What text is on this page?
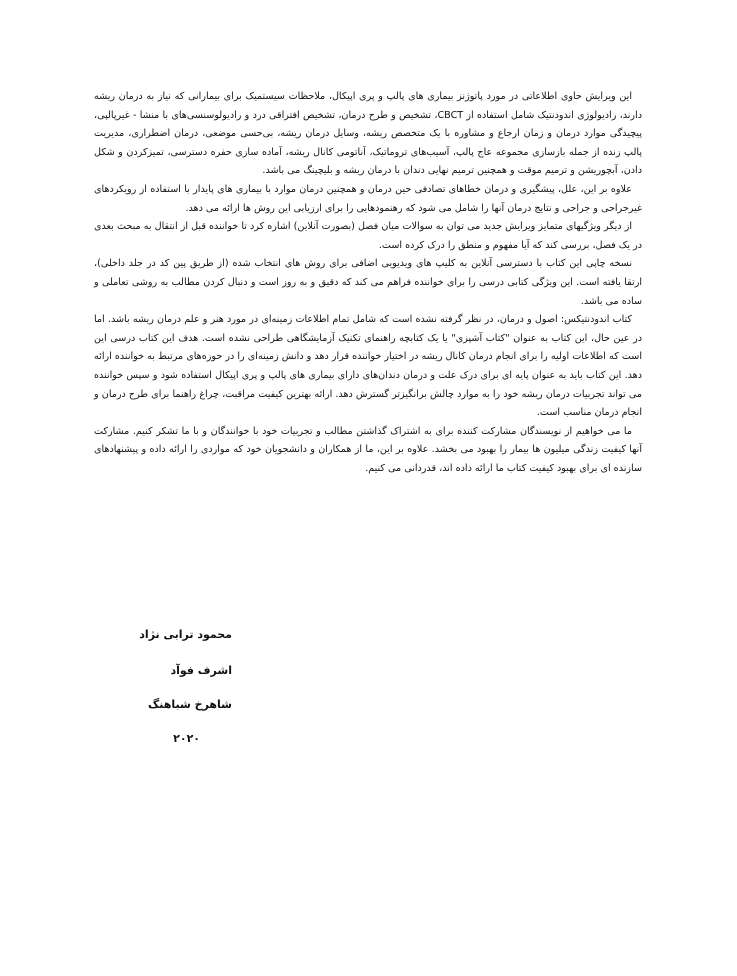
این ویرایش حاوی اطلاعاتی در مورد پاتوژنز بیماری های پالپ و پری اپیکال، ملاحظات سیستمیک برای بیمارانی که نیاز به درمان ریشه دارند، رادیولوژی اندودنتیک شامل استفاده از CBCT، تشخیص و طرح درمان، تشخیص افتراقی درد و رادیولوسنسی‌های با منشا - غیرپالپی، پیچیدگی موارد درمان و زمان ارجاع و مشاوره با یک متخصص ریشه، وسایل درمان ریشه، بی‌حسی موضعی، درمان اضطراری، مدیریت پالپ زنده از جمله بازسازی مجموعه عاج پالپ، آسیب‌های تروماتیک، آناتومی کانال ریشه، آماده سازی حفره دسترسی، تمیزکردن و شکل دادن، آبچوریشن و ترمیم موقت و همچنین ترمیم نهایی دندان با درمان ریشه و بلیچینگ می باشد.

علاوه بر این، علل، پیشگیری و درمان خطاهای تصادفی حین درمان و همچنین درمان موارد با بیماری های پایدار با استفاده از رویکردهای غیرجراحی و جراحی و نتایج درمان آنها را شامل می شود که رهنمودهایی را برای ارزیابی این روش ها ارائه می دهد.

از دیگر ویژگیهای متمایز ویرایش جدید می توان به سوالات میان فصل (بصورت آنلاین) اشاره کرد تا خواننده قبل از انتقال به مبحث بعدی در یک فصل، بررسی کند که آیا مفهوم و منطق را درک کرده است.

نسخه چاپی این کتاب با دسترسی آنلاین به کلیپ های ویدیویی اضافی برای روش های انتخاب شده (از طریق پین کد در جلد داخلی)، ارتقا یافته است. این ویژگی کتابی درسی را برای خواننده فراهم می کند که دقیق و به روز است و دنبال کردن مطالب به روشی تعاملی و ساده می باشد.

کتاب اندودنتیکس: اصول و درمان، در نظر گرفته نشده است که شامل تمام اطلاعات زمینه‌ای در مورد هنر و علم درمان ریشه باشد. اما در عین حال، این کتاب به عنوان "کتاب آشپزی" یا یک کتابچه راهنمای تکنیک آزمایشگاهی طراحی نشده است. هدف این کتاب درسی این است که اطلاعات اولیه را برای انجام درمان کانال ریشه در اختیار خواننده قرار دهد و دانش زمینه‌ای را در حوزه‌های مرتبط به خواننده ارائه دهد. این کتاب باید به عنوان پایه ای برای درک علت و درمان دندان‌های دارای بیماری های پالپ و پری اپیکال استفاده شود و سپس خواننده می تواند تجربیات درمان ریشه خود را به موارد چالش برانگیزتر گسترش دهد. ارائه بهترین کیفیت مراقبت، چراغ راهنما برای طرح درمان و انجام درمان مناسب است.

ما می خواهیم از نویسندگان مشارکت کننده برای به اشتراک گذاشتن مطالب و تجربیات خود با خوانندگان و با ما تشکر کنیم. مشارکت آنها کیفیت زندگی میلیون ها بیمار را بهبود می بخشد. علاوه بر این، ما از همکاران و دانشجویان خود که مواردی را ارائه داده و پیشنهادهای سازنده ای برای بهبود کیفیت کتاب ما ارائه داده اند، قدردانی می کنیم.

محمود ترابی نژاد
اشرف فوآد
شاهرخ شباهنگ
۲۰۲۰
